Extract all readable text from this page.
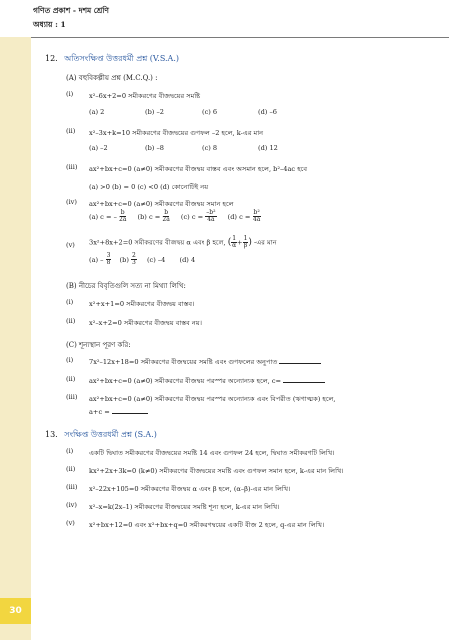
গণিত প্রকাশ - দশম শ্রেণি
অধ্যায় : 1
12. অতিসংক্ষিপ্ত উত্তরধর্মী প্রশ্ন (V.S.A.)
(A) বহুবিকল্পীয় প্রশ্ন (M.C.Q.) :
(i) x²–6x+2=0 সমীকরণের বীজদ্বয়ের সমষ্টি
(a) 2	(b) –2	(c) 6	(d) –6
(ii) x²–3x+k=10 সমীকরণের বীজদ্বয়ের গুণফল –2 হলে, k-এর মান
(a) –2	(b) –8	(c) 8	(d) 12
(iii) ax²+bx+c=0 (a≠0) সমীকরণের বীজদ্বয় বাস্তব এবং অসমান হলে, b²–4ac হবে
(a) >0 (b) = 0 (c) <0 (d) কোনোটিই নয়
(iv) ax²+bx+c=0 (a≠0) সমীকরণের বীজদ্বয় সমান হলে
(a) c = – $\frac{b}{2a} (b) c = \frac{b}{2a} (c) c = \frac{\text{–b²}}{4a} (d) c = \frac{\text{b²}}{4a}$
(v) 3x²+8x+2=0 সমীকরণের বীজদ্বয় α এবং β হলে, ( $\frac{1}{\alpha} + \frac{1}{\beta}$ ) -এর মান
$(a) - \frac{3}{8} (b) \frac{2}{3} (c)$ –4 (d) 4
(B) নীচের বিবৃতিগুলি সত্য না মিথ্যা লিখি:
(i) x²+x+1=0 সমীকরণের বীজদ্বয় বাস্তব।
(ii) x²–x+2=0 সমীকরণের বীজদ্বয় বাস্তব নয়।
(C) শূন্যস্থান পূরণ করি:
(i) 7x²–12x+18=0 সমীকরণের বীজদ্বয়ের সমষ্টি এবং গুণফলের অনুপাত
(ii) ax²+bx+c=0 (a≠0) সমীকরণের বীজদ্বয় পরস্পর অন্যোন্যক হলে, c=
(iii) ax²+bx+c=0 (a≠0) সমীকরণের বীজদ্বয় পরস্পর অন্যোন্যক এবং বিপরীত (ঋণাত্মক) হলে,
a+c =
13. সংক্ষিপ্ত উত্তরধর্মী প্রশ্ন (S.A.)
(i) একটি দ্বিঘাত সমীকরণের বীজদ্বয়ের সমষ্টি 14 এবং গুণফল 24 হলে, দ্বিঘাত সমীকরণটি লিখি।
(ii) kx²+2x+3k=0 (k≠0) সমীকরণের বীজদ্বয়ের সমষ্টি এবং গুণফল সমান হলে, k-এর মান লিখি।
(iii) x²–22x+105=0 সমীকরণের বীজদ্বয় α এবং β হলে, (α–β)-এর মান লিখি।
(iv) x²–x=k(2x–1) সমীকরণের বীজদ্বয়ের সমষ্টি শূন্য হলে, k-এর মান লিখি।
(v) x²+bx+12=0 এবং x²+bx+q=0 সমীকরণদ্বয়ের একটি বীজ 2 হলে, q-এর মান লিখি।
30
